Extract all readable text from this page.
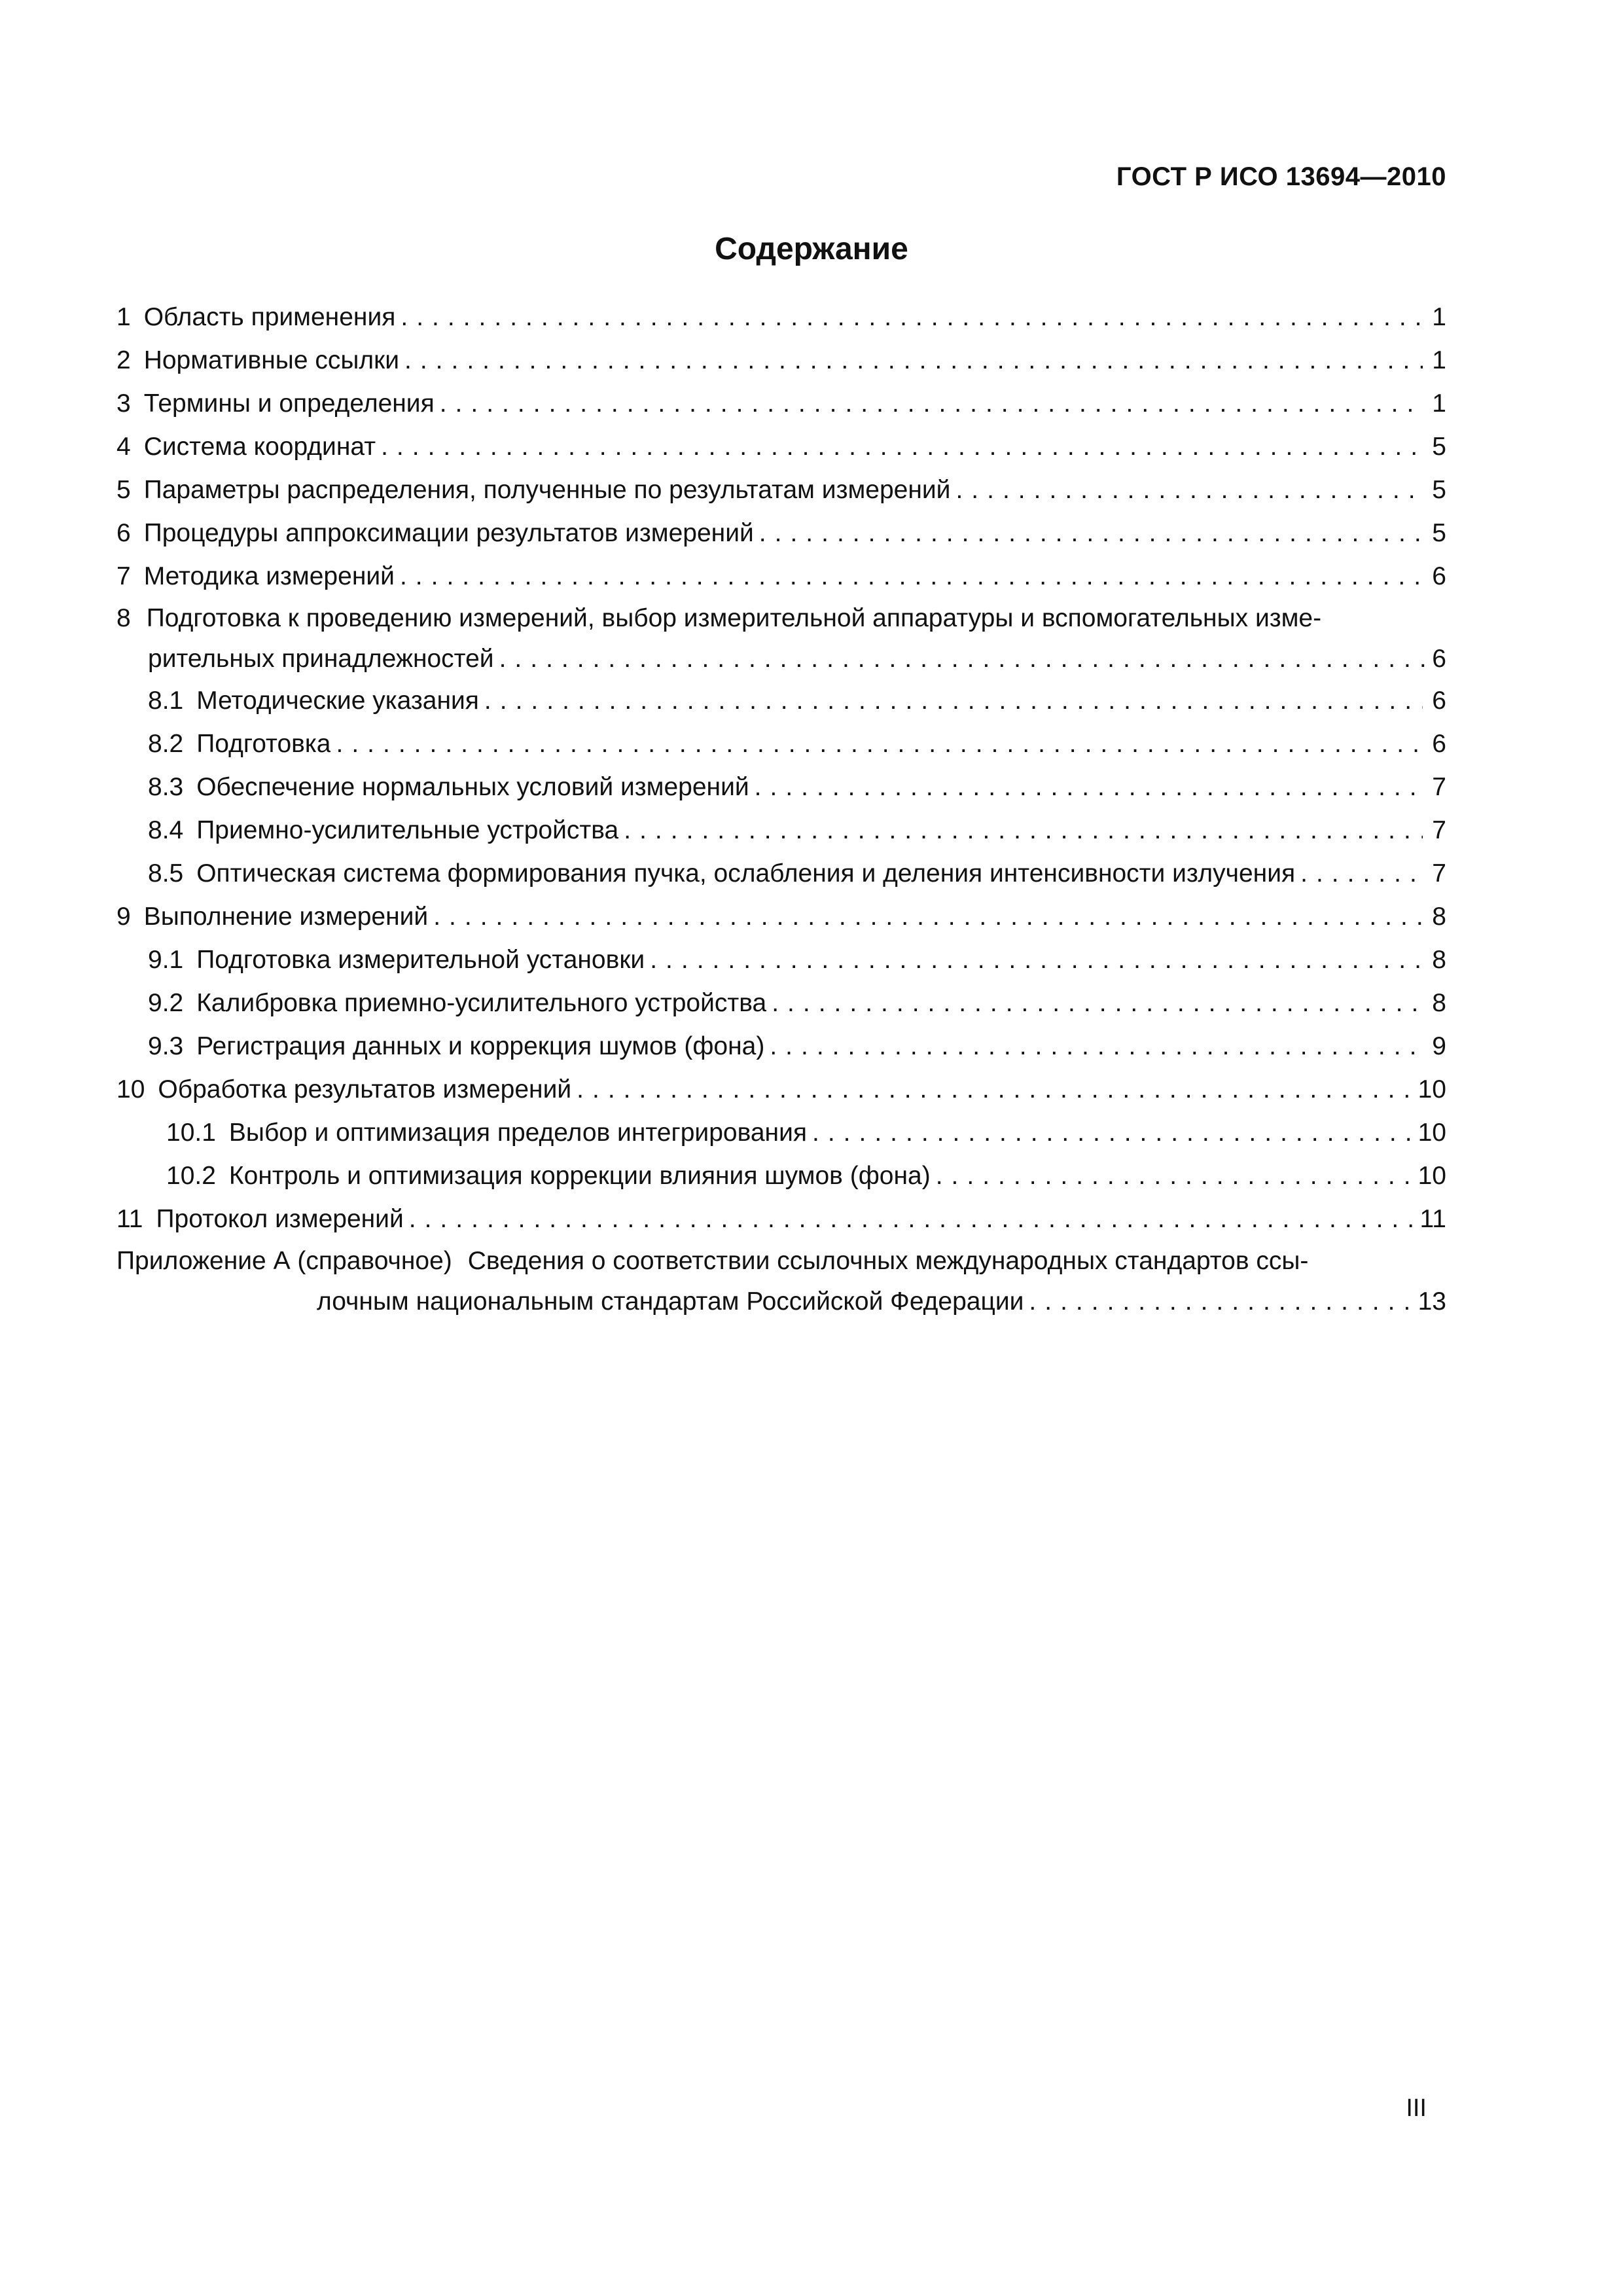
ГОСТ Р ИСО 13694—2010
Содержание
1 Область применения .....	1
2 Нормативные ссылки .....	1
3 Термины и определения .....	1
4 Система координат .....	5
5 Параметры распределения, полученные по результатам измерений .....	5
6 Процедуры аппроксимации результатов измерений .....	5
7 Методика измерений .....	6
8 Подготовка к проведению измерений, выбор измерительной аппаратуры и вспомогательных изме-
рительных принадлежностей .....	6
8.1 Методические указания .....	6
8.2 Подготовка .....	6
8.3 Обеспечение нормальных условий измерений .....	7
8.4 Приемно-усилительные устройства .....	7
8.5 Оптическая система формирования пучка, ослабления и деления интенсивности излучения .....	7
9 Выполнение измерений .....	8
9.1 Подготовка измерительной установки .....	8
9.2 Калибровка приемно-усилительного устройства .....	8
9.3 Регистрация данных и коррекция шумов (фона) .....	9
10 Обработка результатов измерений .....	10
10.1 Выбор и оптимизация пределов интегрирования .....	10
10.2 Контроль и оптимизация коррекции влияния шумов (фона) .....	10
11 Протокол измерений .....	11
Приложение А (справочное) Сведения о соответствии ссылочных международных стандартов ссы-
лочным национальным стандартам Российской Федерации .....	13
III
